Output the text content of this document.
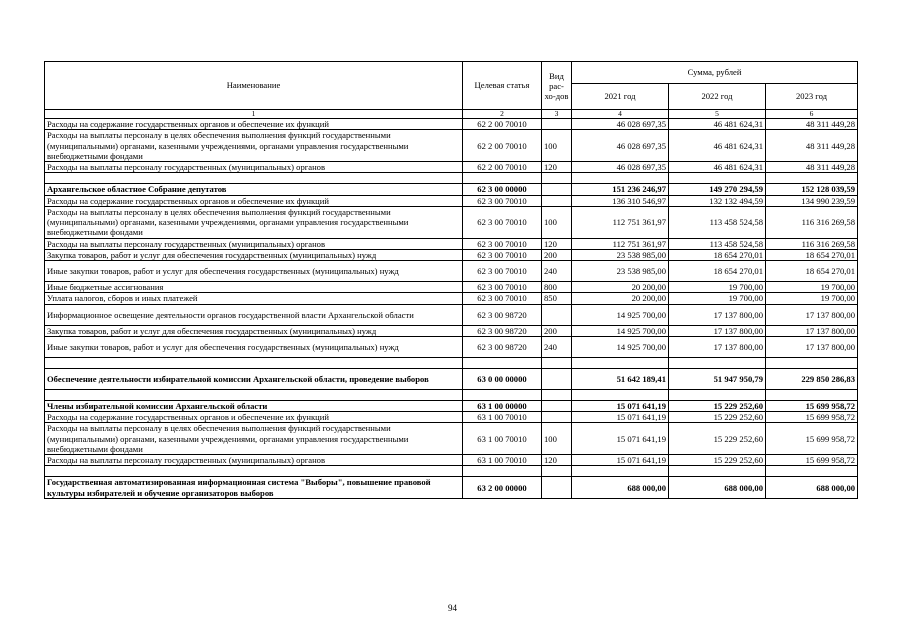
Наименование	Целевая статья	Вид рас-хо-дов	Сумма, рублей		
			2021 год	2022 год	2023 год
1	2	3	4	5	6
Расходы на содержание государственных органов и обеспечение их функций	62 2 00 70010		46 028 697,35	46 481 624,31	48 311 449,28
Расходы на выплаты персоналу в целях обеспечения выполнения функций государственными (муниципальными) органами, казенными учреждениями, органами управления государственными внебюджетными фондами	62 2 00 70010	100	46 028 697,35	46 481 624,31	48 311 449,28
Расходы на выплаты персоналу государственных (муниципальных) органов	62 2 00 70010	120	46 028 697,35	46 481 624,31	48 311 449,28

Архангельское областное Собрание депутатов	62 3 00 00000		151 236 246,97	149 270 294,59	152 128 039,59
Расходы на содержание государственных органов и обеспечение их функций	62 3 00 70010		136 310 546,97	132 132 494,59	134 990 239,59
Расходы на выплаты персоналу в целях обеспечения выполнения функций государственными (муниципальными) органами, казенными учреждениями, органами управления государственными внебюджетными фондами	62 3 00 70010	100	112 751 361,97	113 458 524,58	116 316 269,58
Расходы на выплаты персоналу государственных (муниципальных) органов	62 3 00 70010	120	112 751 361,97	113 458 524,58	116 316 269,58
Закупка товаров, работ и услуг для обеспечения государственных (муниципальных) нужд	62 3 00 70010	200	23 538 985,00	18 654 270,01	18 654 270,01
Иные закупки товаров, работ и услуг для обеспечения государственных (муниципальных) нужд	62 3 00 70010	240	23 538 985,00	18 654 270,01	18 654 270,01
Иные бюджетные ассигнования	62 3 00 70010	800	20 200,00	19 700,00	19 700,00
Уплата налогов, сборов и иных платежей	62 3 00 70010	850	20 200,00	19 700,00	19 700,00
Информационное освещение деятельности органов государственной власти Архангельской области	62 3 00 98720		14 925 700,00	17 137 800,00	17 137 800,00
Закупка товаров, работ и услуг для обеспечения государственных (муниципальных) нужд	62 3 00 98720	200	14 925 700,00	17 137 800,00	17 137 800,00
Иные закупки товаров, работ и услуг для обеспечения государственных (муниципальных) нужд	62 3 00 98720	240	14 925 700,00	17 137 800,00	17 137 800,00

Обеспечение деятельности избирательной комиссии Архангельской области, проведение выборов	63 0 00 00000		51 642 189,41	51 947 950,79	229 850 286,83

Члены избирательной комиссии Архангельской области	63 1 00 00000		15 071 641,19	15 229 252,60	15 699 958,72
Расходы на содержание государственных органов и обеспечение их функций	63 1 00 70010		15 071 641,19	15 229 252,60	15 699 958,72
Расходы на выплаты персоналу в целях обеспечения выполнения функций государственными (муниципальными) органами, казенными учреждениями, органами управления государственными внебюджетными фондами	63 1 00 70010	100	15 071 641,19	15 229 252,60	15 699 958,72
Расходы на выплаты персоналу государственных (муниципальных) органов	63 1 00 70010	120	15 071 641,19	15 229 252,60	15 699 958,72

Государственная автоматизированная информационная система "Выборы", повышение правовой культуры избирателей и обучение организаторов выборов	63 2 00 00000		688 000,00	688 000,00	688 000,00
94
